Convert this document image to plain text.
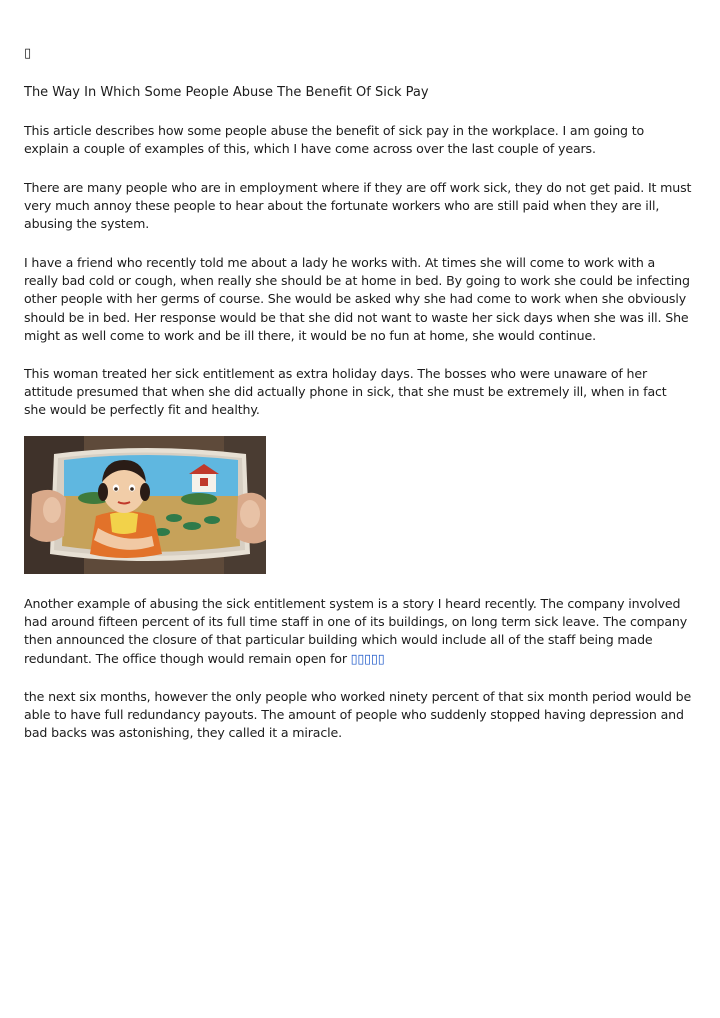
▯
The Way In Which Some People Abuse The Benefit Of Sick Pay

This article describes how some people abuse the benefit of sick pay in the workplace. I am going to explain a couple of examples of this, which I have come across over the last couple of years.

There are many people who are in employment where if they are off work sick, they do not get paid. It must very much annoy these people to hear about the fortunate workers who are still paid when they are ill, abusing the system.

I have a friend who recently told me about a lady he works with. At times she will come to work with a really bad cold or cough, when really she should be at home in bed. By going to work she could be infecting other people with her germs of course. She would be asked why she had come to work when she obviously should be in bed. Her response would be that she did not want to waste her sick days when she was ill. She might as well come to work and be ill there, it would be no fun at home, she would continue.

This woman treated her sick entitlement as extra holiday days. The bosses who were unaware of her attitude presumed that when she did actually phone in sick, that she must be extremely ill, when in fact she would be perfectly fit and healthy.

Another example of abusing the sick entitlement system is a story I heard recently. The company involved had around fifteen percent of its full time staff in one of its buildings, on long term sick leave. The company then announced the closure of that particular building which would include all of the staff being made redundant. The office though would remain open for ▯▯▯▯▯

the next six months, however the only people who worked ninety percent of that six month period would be able to have full redundancy payouts. The amount of people who suddenly stopped having depression and bad backs was astonishing, they called it a miracle.
